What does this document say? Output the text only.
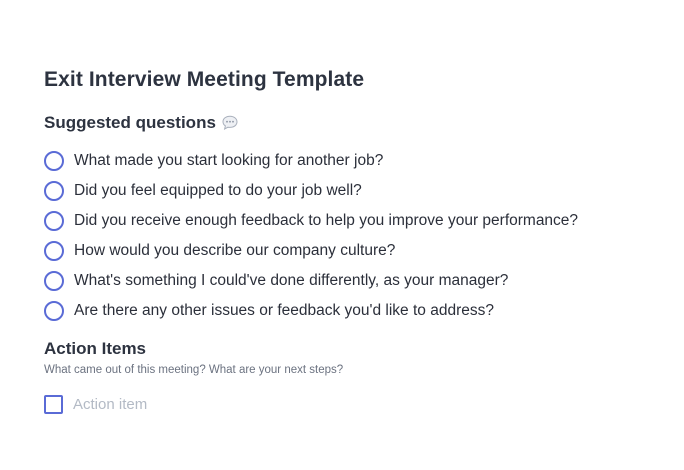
Exit Interview Meeting Template
Suggested questions
What made you start looking for another job?
Did you feel equipped to do your job well?
Did you receive enough feedback to help you improve your performance?
How would you describe our company culture?
What's something I could've done differently, as your manager?
Are there any other issues or feedback you'd like to address?
Action Items
What came out of this meeting? What are your next steps?
Action item
